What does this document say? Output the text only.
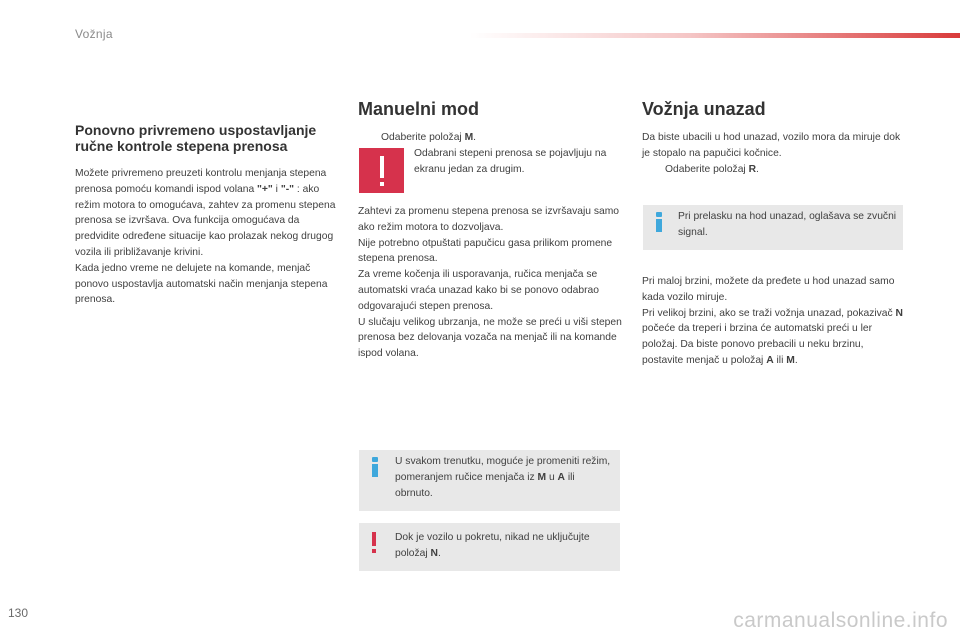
Vožnja
Ponovno privremeno uspostavljanje ručne kontrole stepena prenosa

Možete privremeno preuzeti kontrolu menjanja stepena prenosa pomoću komandi ispod volana "+" i "-" : ako režim motora to omogućava, zahtev za promenu stepena prenosa se izvršava. Ova funkcija omogućava da predvidite određene situacije kao prolazak nekog drugog vozila ili približavanje krivini.

Kada jedno vreme ne delujete na komande, menjač ponovo uspostavlja automatski način menjanja stepena prenosa.

Manuelni mod
Odaberite položaj M.
Odabrani stepeni prenosa se pojavljuju na ekranu jedan za drugim.

Zahtevi za promenu stepena prenosa se izvršavaju samo ako režim motora to dozvoljava.

Nije potrebno otpuštati papučicu gasa prilikom promene stepena prenosa.

Za vreme kočenja ili usporavanja, ručica menjača se automatski vraća unazad kako bi se ponovo odabrao odgovarajući stepen prenosa.

U slučaju velikog ubrzanja, ne može se preći u viši stepen prenosa bez delovanja vozača na menjač ili na komande ispod volana.

U svakom trenutku, moguće je promeniti režim, pomeranjem ručice menjača iz M u A ili obrnuto.
Dok je vozilo u pokretu, nikad ne uključujte položaj N.
Vožnja unazad

Da biste ubacili u hod unazad, vozilo mora da miruje dok je stopalo na papučici kočnice.

Odaberite položaj R.
Pri prelasku na hod unazad, oglašava se zvučni signal.

Pri maloj brzini, možete da pređete u hod unazad samo kada vozilo miruje.

Pri velikoj brzini, ako se traži vožnja unazad, pokazivač N počeće da treperi i brzina će automatski preći u ler položaj. Da biste ponovo prebacili u neku brzinu, postavite menjač u položaj A ili M.

130	carmanualsonline.info
